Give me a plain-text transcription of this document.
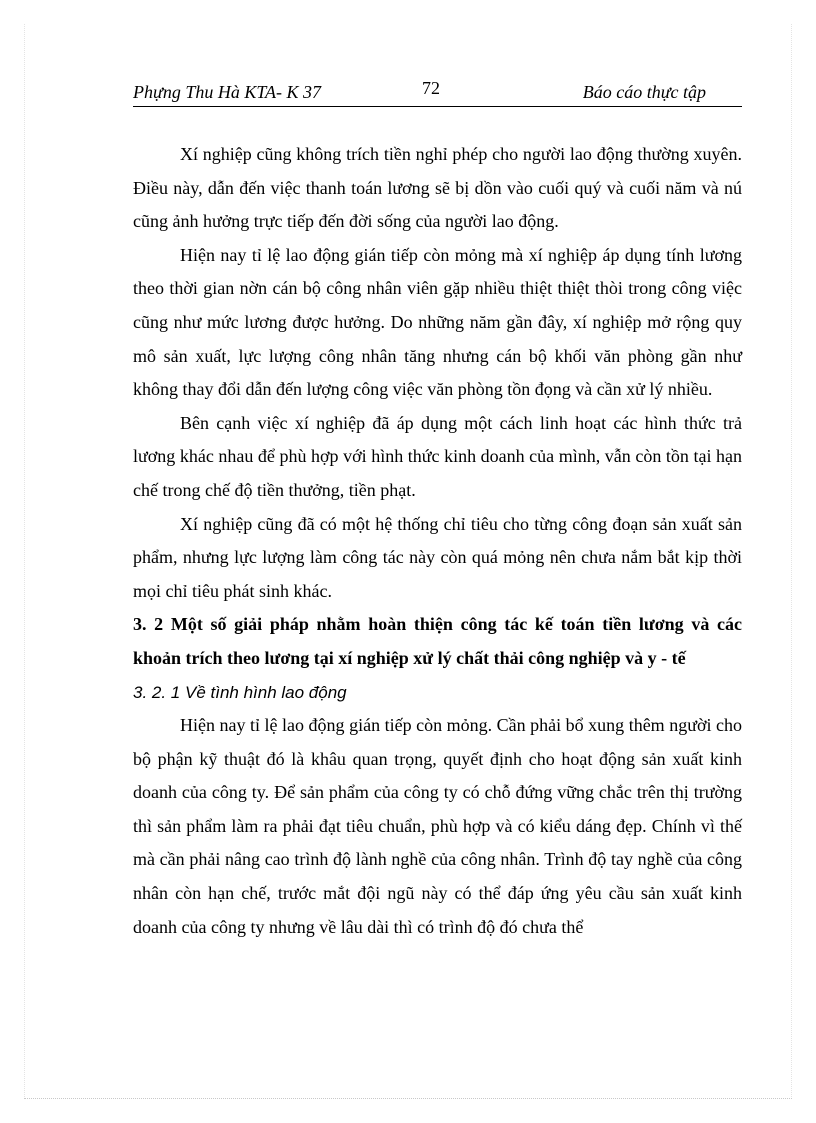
Phựng Thu Hà KTA- K 37	72	Báo cáo thực tập

Xí nghiệp cũng không trích tiền nghỉ phép cho người lao động thường xuyên. Điều này, dẫn đến việc thanh toán lương sẽ bị dồn vào cuối quý và cuối năm và nú cũng ảnh hưởng trực tiếp đến đời sống của người lao động.

Hiện nay tỉ lệ lao động gián tiếp còn mỏng mà xí nghiệp áp dụng tính lương theo thời gian nờn cán bộ công nhân viên gặp nhiều thiệt thiệt thòi trong công việc cũng như mức lương được hưởng. Do những năm gần đây, xí nghiệp mở rộng quy mô sản xuất, lực lượng công nhân tăng nhưng cán bộ khối văn phòng gần như không thay đổi dẫn đến lượng công việc văn phòng tồn đọng và cần xử lý nhiều.

Bên cạnh việc xí nghiệp đã áp dụng một cách linh hoạt các hình thức trả lương khác nhau để phù hợp với hình thức kinh doanh của mình, vẫn còn tồn tại hạn chế trong chế độ tiền thưởng, tiền phạt.

Xí nghiệp cũng đã có một hệ thống chỉ tiêu cho từng công đoạn sản xuất sản phẩm, nhưng lực lượng làm công tác này còn quá mỏng nên chưa nắm bắt kịp thời mọi chỉ tiêu phát sinh khác.

3. 2 Một số giải pháp nhằm hoàn thiện công tác kế toán tiền lương và các khoản trích theo lương tại xí nghiệp xử lý chất thải công nghiệp và y - tế

3. 2. 1 Về tình hình lao động

Hiện nay tỉ lệ lao động gián tiếp còn mỏng. Cần phải bổ xung thêm người cho bộ phận kỹ thuật đó là khâu quan trọng, quyết định cho hoạt động sản xuất kinh doanh của công ty. Để sản phẩm của công ty có chỗ đứng vững chắc trên thị trường thì sản phẩm làm ra phải đạt tiêu chuẩn, phù hợp và có kiểu dáng đẹp. Chính vì thế mà cần phải nâng cao trình độ lành nghề của công nhân. Trình độ tay nghề của công nhân còn hạn chế, trước mắt đội ngũ này có thể đáp ứng yêu cầu sản xuất kinh doanh của công ty nhưng về lâu dài thì có trình độ đó chưa thể
